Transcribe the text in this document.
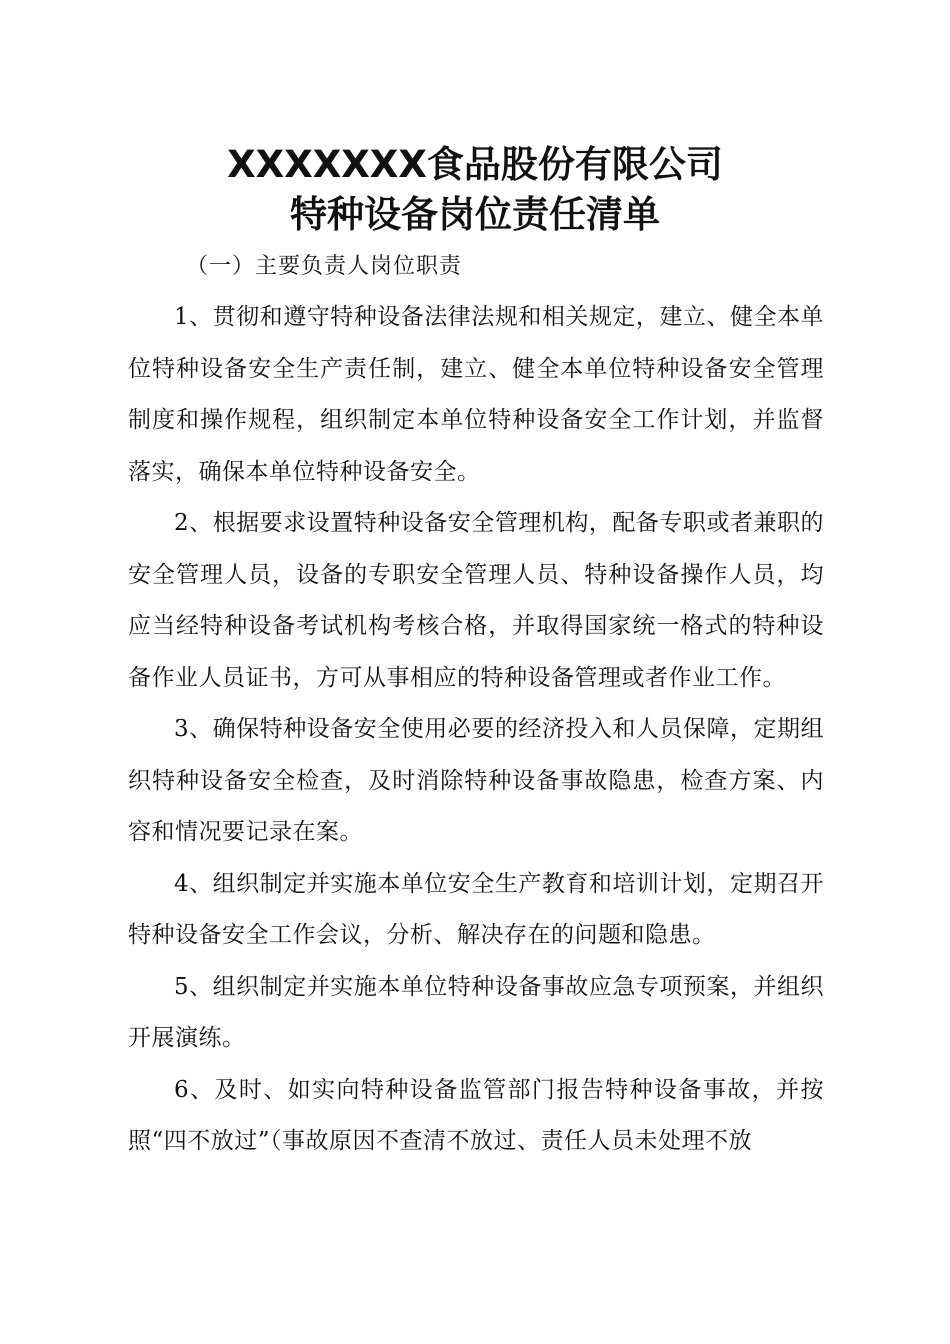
XXXXXXX食品股份有限公司
特种设备岗位责任清单

（一）主要负责人岗位职责

1、贯彻和遵守特种设备法律法规和相关规定，建立、健全本单位特种设备安全生产责任制，建立、健全本单位特种设备安全管理制度和操作规程，组织制定本单位特种设备安全工作计划，并监督落实，确保本单位特种设备安全。

2、根据要求设置特种设备安全管理机构，配备专职或者兼职的安全管理人员，设备的专职安全管理人员、特种设备操作人员，均应当经特种设备考试机构考核合格，并取得国家统一格式的特种设备作业人员证书，方可从事相应的特种设备管理或者作业工作。

3、确保特种设备安全使用必要的经济投入和人员保障，定期组织特种设备安全检查，及时消除特种设备事故隐患，检查方案、内容和情况要记录在案。

4、组织制定并实施本单位安全生产教育和培训计划，定期召开特种设备安全工作会议，分析、解决存在的问题和隐患。

5、组织制定并实施本单位特种设备事故应急专项预案，并组织开展演练。

6、及时、如实向特种设备监管部门报告特种设备事故，并按照“四不放过”（事故原因不查清不放过、责任人员未处理不放
